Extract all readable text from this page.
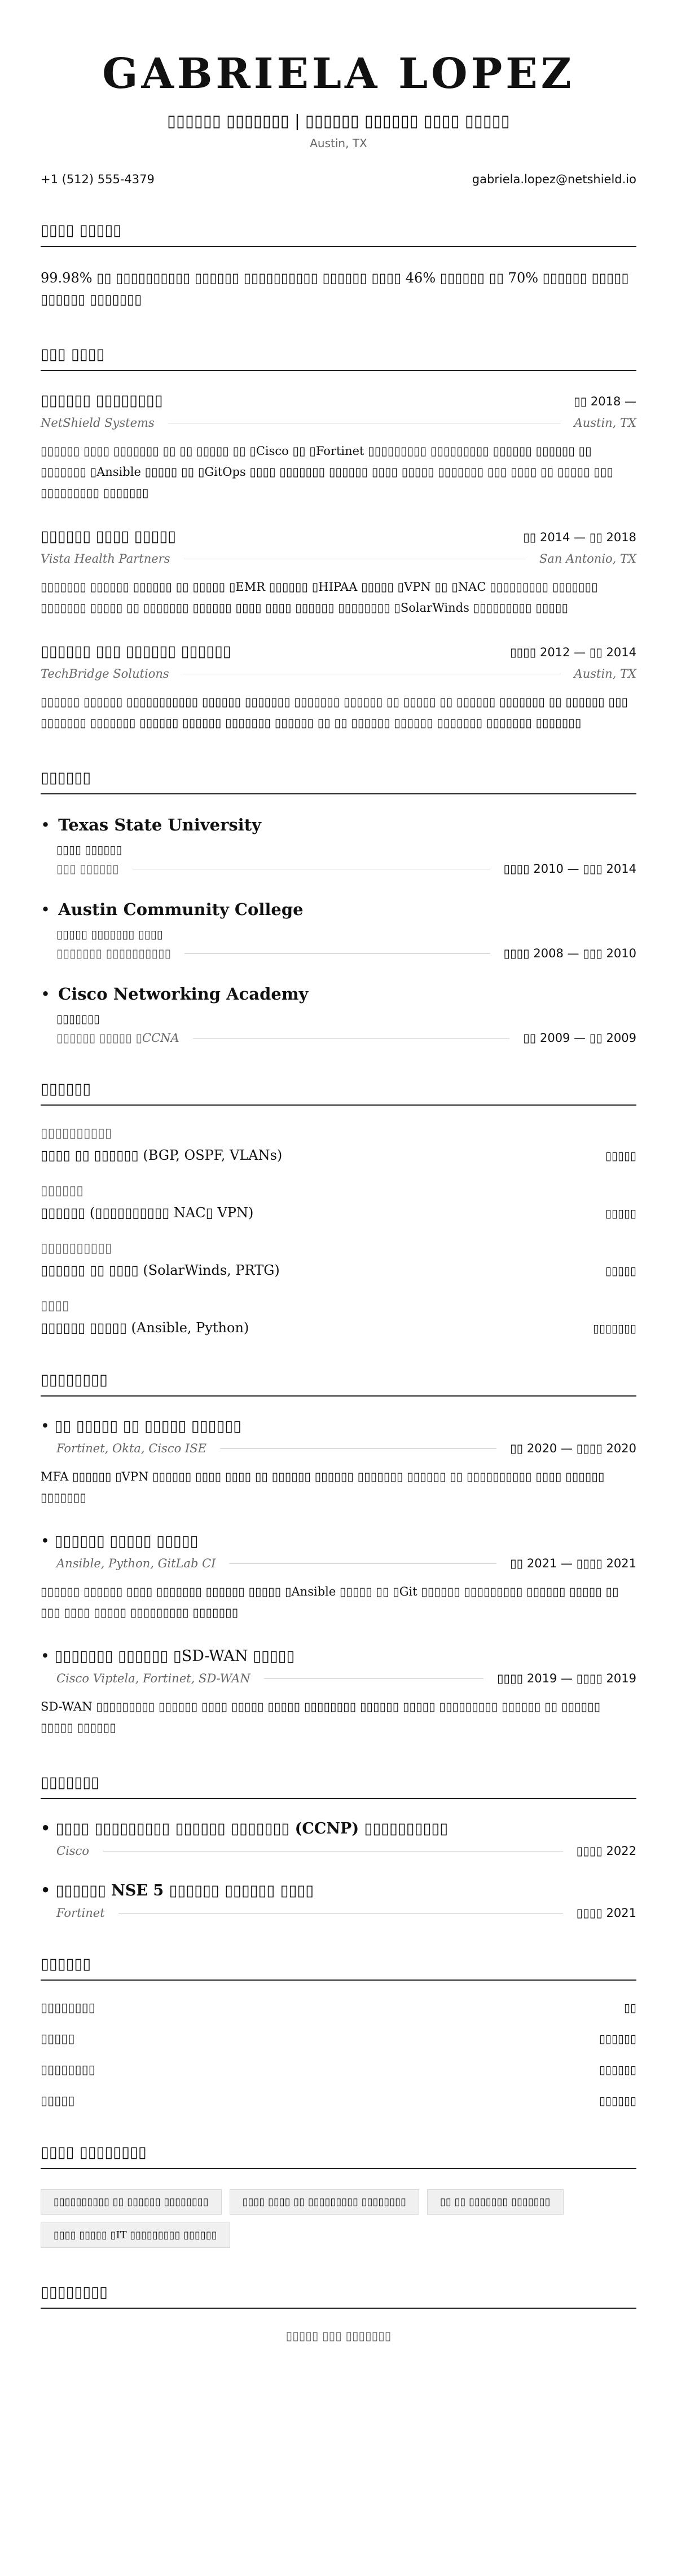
GABRIELA LOPEZ
▯▯▯▯▯▯ ▯▯▯▯▯▯▯ | ▯▯▯▯▯▯ ▯▯▯▯▯▯ ▯▯▯▯ ▯▯▯▯▯
Austin, TX
+1 (512) 555-4379	gabriela.lopez@netshield.io
▯▯▯▯ ▯▯▯▯▯

99.98% ▯▯ ▯▯▯▯▯▯▯▯▯▯ ▯▯▯▯▯▯ ▯▯▯▯▯▯▯▯▯▯ ▯▯▯▯▯▯ ▯▯▯▯ 46% ▯▯▯▯▯▯ ▯▯ 70% ▯▯▯▯▯▯ ▯▯▯▯▯ ▯▯▯▯▯▯ ▯▯▯▯▯▯▯

▯▯▯ ▯▯▯▯
▯▯▯▯▯▯ ▯▯▯▯▯▯▯▯	▯▯ 2018 —
NetShield Systems	Austin, TX

▯▯▯▯▯▯ ▯▯▯▯ ▯▯▯▯▯▯▯ ▯▯ ▯▯ ▯▯▯▯▯ ▯▯ ▯Cisco ▯▯ ▯Fortinet ▯▯▯▯▯▯▯▯▯ ▯▯▯▯▯▯▯▯▯ ▯▯▯▯▯▯ ▯▯▯▯▯▯ ▯▯ ▯▯▯▯▯▯▯ ▯Ansible ▯▯▯▯▯ ▯▯ ▯GitOps ▯▯▯▯ ▯▯▯▯▯▯▯ ▯▯▯▯▯▯ ▯▯▯▯ ▯▯▯▯▯ ▯▯▯▯▯▯▯ ▯▯▯ ▯▯▯▯ ▯▯ ▯▯▯▯▯ ▯▯▯ ▯▯▯▯▯▯▯▯▯ ▯▯▯▯▯▯▯

▯▯▯▯▯▯ ▯▯▯▯ ▯▯▯▯▯	▯▯ 2014 — ▯▯ 2018
Vista Health Partners	San Antonio, TX

▯▯▯▯▯▯▯ ▯▯▯▯▯▯ ▯▯▯▯▯▯ ▯▯ ▯▯▯▯▯ ▯EMR ▯▯▯▯▯▯ ▯HIPAA ▯▯▯▯▯ ▯VPN ▯▯ ▯NAC ▯▯▯▯▯▯▯▯▯ ▯▯▯▯▯▯▯ ▯▯▯▯▯▯▯ ▯▯▯▯▯ ▯▯ ▯▯▯▯▯▯▯ ▯▯▯▯▯▯ ▯▯▯▯ ▯▯▯▯ ▯▯▯▯▯▯ ▯▯▯▯▯▯▯▯ ▯SolarWinds ▯▯▯▯▯▯▯▯▯ ▯▯▯▯▯

▯▯▯▯▯▯ ▯▯▯ ▯▯▯▯▯▯ ▯▯▯▯▯▯	▯▯▯▯ 2012 — ▯▯ 2014
TechBridge Solutions	Austin, TX

▯▯▯▯▯▯ ▯▯▯▯▯▯ ▯▯▯▯▯▯▯▯▯▯▯ ▯▯▯▯▯▯ ▯▯▯▯▯▯▯ ▯▯▯▯▯▯▯ ▯▯▯▯▯▯ ▯▯ ▯▯▯▯▯ ▯▯ ▯▯▯▯▯▯ ▯▯▯▯▯▯▯ ▯▯ ▯▯▯▯▯▯ ▯▯▯ ▯▯▯▯▯▯▯ ▯▯▯▯▯▯▯ ▯▯▯▯▯▯ ▯▯▯▯▯▯ ▯▯▯▯▯▯▯ ▯▯▯▯▯▯ ▯▯ ▯▯ ▯▯▯▯▯▯ ▯▯▯▯▯▯ ▯▯▯▯▯▯▯ ▯▯▯▯▯▯▯ ▯▯▯▯▯▯▯

▯▯▯▯▯▯
• Texas State University
▯▯▯▯ ▯▯▯▯▯▯
▯▯▯ ▯▯▯▯▯▯	▯▯▯▯ 2010 — ▯▯▯ 2014
• Austin Community College
▯▯▯▯▯ ▯▯▯▯▯▯▯ ▯▯▯▯
▯▯▯▯▯▯▯ ▯▯▯▯▯▯▯▯▯▯	▯▯▯▯ 2008 — ▯▯▯ 2010
• Cisco Networking Academy
▯▯▯▯▯▯▯
▯▯▯▯▯▯ ▯▯▯▯▯ ▯CCNA	▯▯ 2009 — ▯▯ 2009
▯▯▯▯▯▯
▯▯▯▯▯▯▯▯▯▯
▯▯▯▯ ▯▯ ▯▯▯▯▯▯ (BGP, OSPF, VLANs)	▯▯▯▯▯
▯▯▯▯▯▯
▯▯▯▯▯▯ (▯▯▯▯▯▯▯▯▯▯ NAC▯ VPN)	▯▯▯▯▯
▯▯▯▯▯▯▯▯▯▯
▯▯▯▯▯▯ ▯▯ ▯▯▯▯ (SolarWinds, PRTG)	▯▯▯▯▯
▯▯▯▯
▯▯▯▯▯▯ ▯▯▯▯▯ (Ansible, Python)	▯▯▯▯▯▯▯
▯▯▯▯▯▯▯▯
• ▯▯ ▯▯▯▯▯ ▯▯ ▯▯▯▯▯ ▯▯▯▯▯▯
Fortinet, Okta, Cisco ISE	▯▯ 2020 — ▯▯▯▯ 2020

MFA ▯▯▯▯▯▯ ▯VPN ▯▯▯▯▯▯ ▯▯▯▯ ▯▯▯▯ ▯▯ ▯▯▯▯▯▯ ▯▯▯▯▯▯ ▯▯▯▯▯▯▯ ▯▯▯▯▯▯ ▯▯ ▯▯▯▯▯▯▯▯▯▯ ▯▯▯▯ ▯▯▯▯▯▯ ▯▯▯▯▯▯▯

• ▯▯▯▯▯▯ ▯▯▯▯▯ ▯▯▯▯▯
Ansible, Python, GitLab CI	▯▯ 2021 — ▯▯▯▯ 2021

▯▯▯▯▯▯ ▯▯▯▯▯▯ ▯▯▯▯ ▯▯▯▯▯▯▯ ▯▯▯▯▯▯ ▯▯▯▯▯ ▯Ansible ▯▯▯▯▯ ▯▯ ▯Git ▯▯▯▯▯▯ ▯▯▯▯▯▯▯▯▯ ▯▯▯▯▯▯ ▯▯▯▯▯ ▯▯ ▯▯▯ ▯▯▯▯ ▯▯▯▯▯ ▯▯▯▯▯▯▯▯▯ ▯▯▯▯▯▯▯

• ▯▯▯▯▯▯▯ ▯▯▯▯▯▯ ▯SD-WAN ▯▯▯▯▯
Cisco Viptela, Fortinet, SD-WAN	▯▯▯▯ 2019 — ▯▯▯▯ 2019

SD-WAN ▯▯▯▯▯▯▯▯▯ ▯▯▯▯▯▯ ▯▯▯▯ ▯▯▯▯▯ ▯▯▯▯▯ ▯▯▯▯▯▯▯▯ ▯▯▯▯▯▯ ▯▯▯▯▯ ▯▯▯▯▯▯▯▯▯ ▯▯▯▯▯▯ ▯▯ ▯▯▯▯▯▯ ▯▯▯▯▯ ▯▯▯▯▯▯

▯▯▯▯▯▯▯
• ▯▯▯▯ ▯▯▯▯▯▯▯▯▯ ▯▯▯▯▯▯ ▯▯▯▯▯▯▯ (CCNP) ▯▯▯▯▯▯▯▯▯▯
Cisco	▯▯▯▯ 2022
• ▯▯▯▯▯▯ NSE 5 ▯▯▯▯▯▯ ▯▯▯▯▯▯ ▯▯▯▯
Fortinet	▯▯▯▯ 2021
▯▯▯▯▯▯
▯▯▯▯▯▯▯▯	▯▯
▯▯▯▯▯	▯▯▯▯▯▯
▯▯▯▯▯▯▯▯	▯▯▯▯▯▯
▯▯▯▯▯	▯▯▯▯▯▯
▯▯▯▯ ▯▯▯▯▯▯▯▯
▯▯▯▯▯▯▯▯▯▯ ▯▯ ▯▯▯▯▯▯ ▯▯▯▯▯▯▯▯	▯▯▯▯ ▯▯▯▯ ▯▯ ▯▯▯▯▯▯▯▯▯ ▯▯▯▯▯▯▯▯	▯▯ ▯▯ ▯▯▯▯▯▯▯ ▯▯▯▯▯▯▯
▯▯▯▯ ▯▯▯▯▯ ▯IT ▯▯▯▯▯▯▯▯▯ ▯▯▯▯▯▯
▯▯▯▯▯▯▯▯

▯▯▯▯▯ ▯▯▯ ▯▯▯▯▯▯▯
